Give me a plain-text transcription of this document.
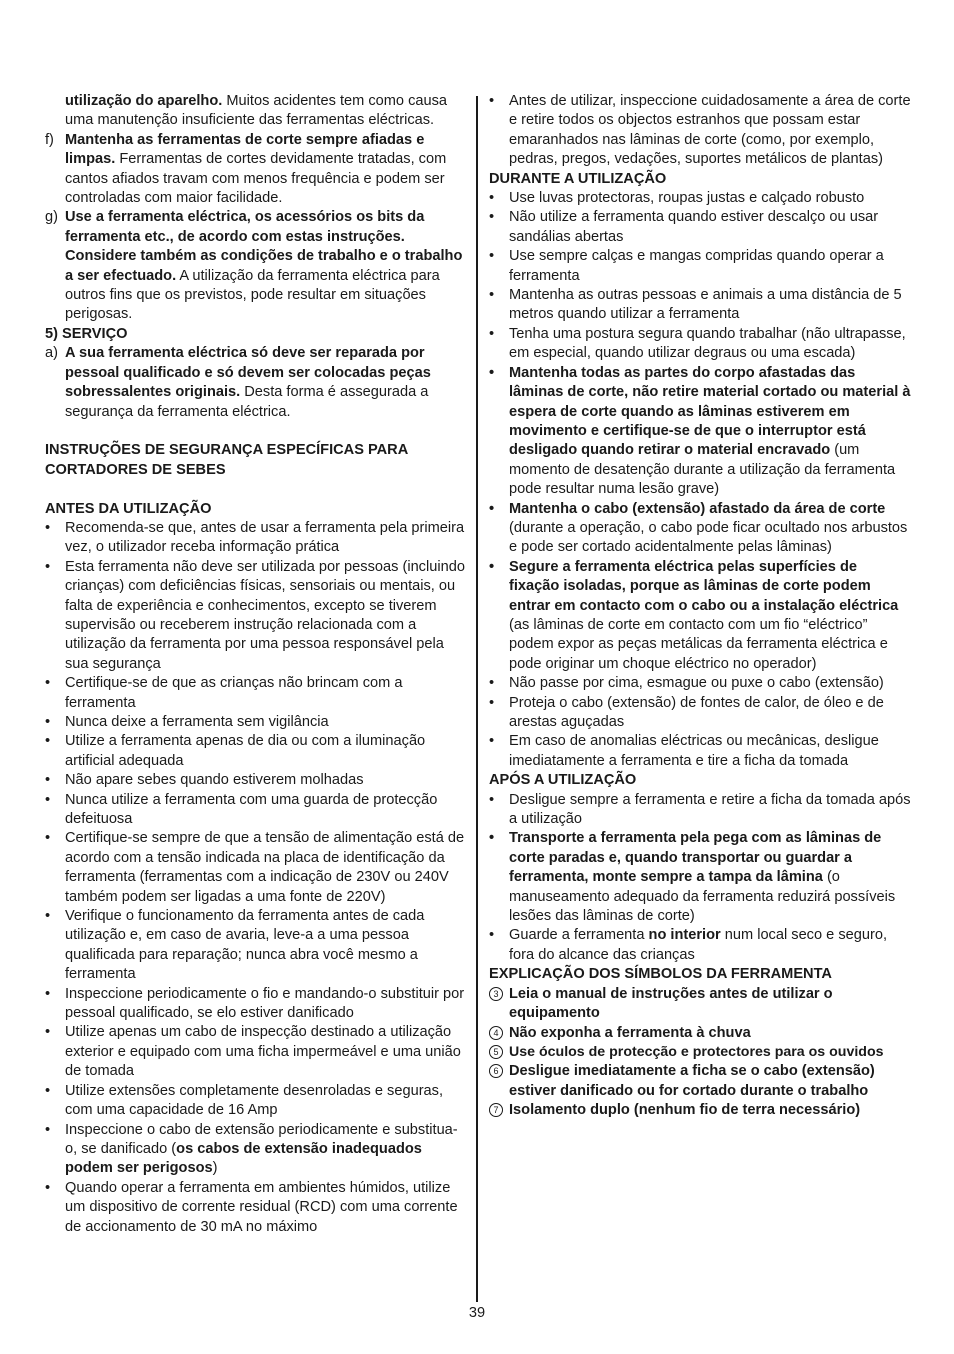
utilização do aparelho. Muitos acidentes tem como causa uma manutenção insuficiente das ferramentas eléctricas.

f) Mantenha as ferramentas de corte sempre afiadas e limpas. Ferramentas de cortes devidamente tratadas, com cantos afiados travam com menos frequência e podem ser controladas com maior facilidade.
g) Use a ferramenta eléctrica, os acessórios os bits da ferramenta etc., de acordo com estas instruções. Considere também as condições de trabalho e o trabalho a ser efectuado. A utilização da ferramenta eléctrica para outros fins que os previstos, pode resultar em situações perigosas.

5) SERVIÇO

a) A sua ferramenta eléctrica só deve ser reparada por pessoal qualificado e só devem ser colocadas peças sobressalentes originais. Desta forma é assegurada a segurança da ferramenta eléctrica.

INSTRUÇÕES DE SEGURANÇA ESPECÍFICAS PARA CORTADORES DE SEBES

ANTES DA UTILIZAÇÃO

•	Recomenda-se que, antes de usar a ferramenta pela primeira vez, o utilizador receba informação prática
•	Esta ferramenta não deve ser utilizada por pessoas (incluindo crianças) com deficiências físicas, sensoriais ou mentais, ou falta de experiência e conhecimentos, excepto se tiverem supervisão ou receberem instrução relacionada com a utilização da ferramenta por uma pessoa responsável pela sua segurança
•	Certifique-se de que as crianças não brincam com a ferramenta
•	Nunca deixe a ferramenta sem vigilância
•	Utilize a ferramenta apenas de dia ou com a iluminação artificial adequada
•	Não apare sebes quando estiverem molhadas
•	Nunca utilize a ferramenta com uma guarda de protecção defeituosa
•	Certifique-se sempre de que a tensão de alimentação está de acordo com a tensão indicada na placa de identificação da ferramenta (ferramentas com a indicação de 230V ou 240V também podem ser ligadas a uma fonte de 220V)
•	Verifique o funcionamento da ferramenta antes de cada utilização e, em caso de avaria, leve-a a uma pessoa qualificada para reparação; nunca abra você mesmo a ferramenta
•	Inspeccione periodicamente o fio e mandando-o substituir por pessoal qualificado, se elo estiver danificado
•	Utilize apenas um cabo de inspecção destinado a utilização exterior e equipado com uma ficha impermeável e uma união de tomada
•	Utilize extensões completamente desenroladas e seguras, com uma capacidade de 16 Amp
•	Inspeccione o cabo de extensão periodicamente e substitua-o, se danificado (os cabos de extensão inadequados podem ser perigosos)
•	Quando operar a ferramenta em ambientes húmidos, utilize um dispositivo de corrente residual (RCD) com uma corrente de accionamento de 30 mA no máximo
•	Antes de utilizar, inspeccione cuidadosamente a área de corte e retire todos os objectos estranhos que possam estar emaranhados nas lâminas de corte (como, por exemplo, pedras, pregos, vedações, suportes metálicos de plantas)

DURANTE A UTILIZAÇÃO

•	Use luvas protectoras, roupas justas e calçado robusto
•	Não utilize a ferramenta quando estiver descalço ou usar sandálias abertas
•	Use sempre calças e mangas compridas quando operar a ferramenta
•	Mantenha as outras pessoas e animais a uma distância de 5 metros quando utilizar a ferramenta
•	Tenha uma postura segura quando trabalhar (não ultrapasse, em especial, quando utilizar degraus ou uma escada)
•	Mantenha todas as partes do corpo afastadas das lâminas de corte, não retire material cortado ou material à espera de corte quando as lâminas estiverem em movimento e certifique-se de que o interruptor está desligado quando retirar o material encravado (um momento de desatenção durante a utilização da ferramenta pode resultar numa lesão grave)
•	Mantenha o cabo (extensão) afastado da área de corte (durante a operação, o cabo pode ficar ocultado nos arbustos e pode ser cortado acidentalmente pelas lâminas)
•	Segure a ferramenta eléctrica pelas superfícies de fixação isoladas, porque as lâminas de corte podem entrar em contacto com o cabo ou a instalação eléctrica (as lâminas de corte em contacto com um fio “eléctrico” podem expor as peças metálicas da ferramenta eléctrica e pode originar um choque eléctrico no operador)
•	Não passe por cima, esmague ou puxe o cabo (extensão)
•	Proteja o cabo (extensão) de fontes de calor, de óleo e de arestas aguçadas
•	Em caso de anomalias eléctricas ou mecânicas, desligue imediatamente a ferramenta e tire a ficha da tomada

APÓS A UTILIZAÇÃO

•	Desligue sempre a ferramenta e retire a ficha da tomada após a utilização
•	Transporte a ferramenta pela pega com as lâminas de corte paradas e, quando transportar ou guardar a ferramenta, monte sempre a tampa da lâmina (o manuseamento adequado da ferramenta reduzirá possíveis lesões das lâminas de corte)
•	Guarde a ferramenta no interior num local seco e seguro, fora do alcance das crianças

EXPLICAÇÃO DOS SÍMBOLOS DA FERRAMENTA

3 Leia o manual de instruções antes de utilizar o equipamento
4 Não exponha a ferramenta à chuva
5 Use óculos de protecção e protectores para os ouvidos
6 Desligue imediatamente a ficha se o cabo (extensão) estiver danificado ou for cortado durante o trabalho
7 Isolamento duplo (nenhum fio de terra necessário)
39
